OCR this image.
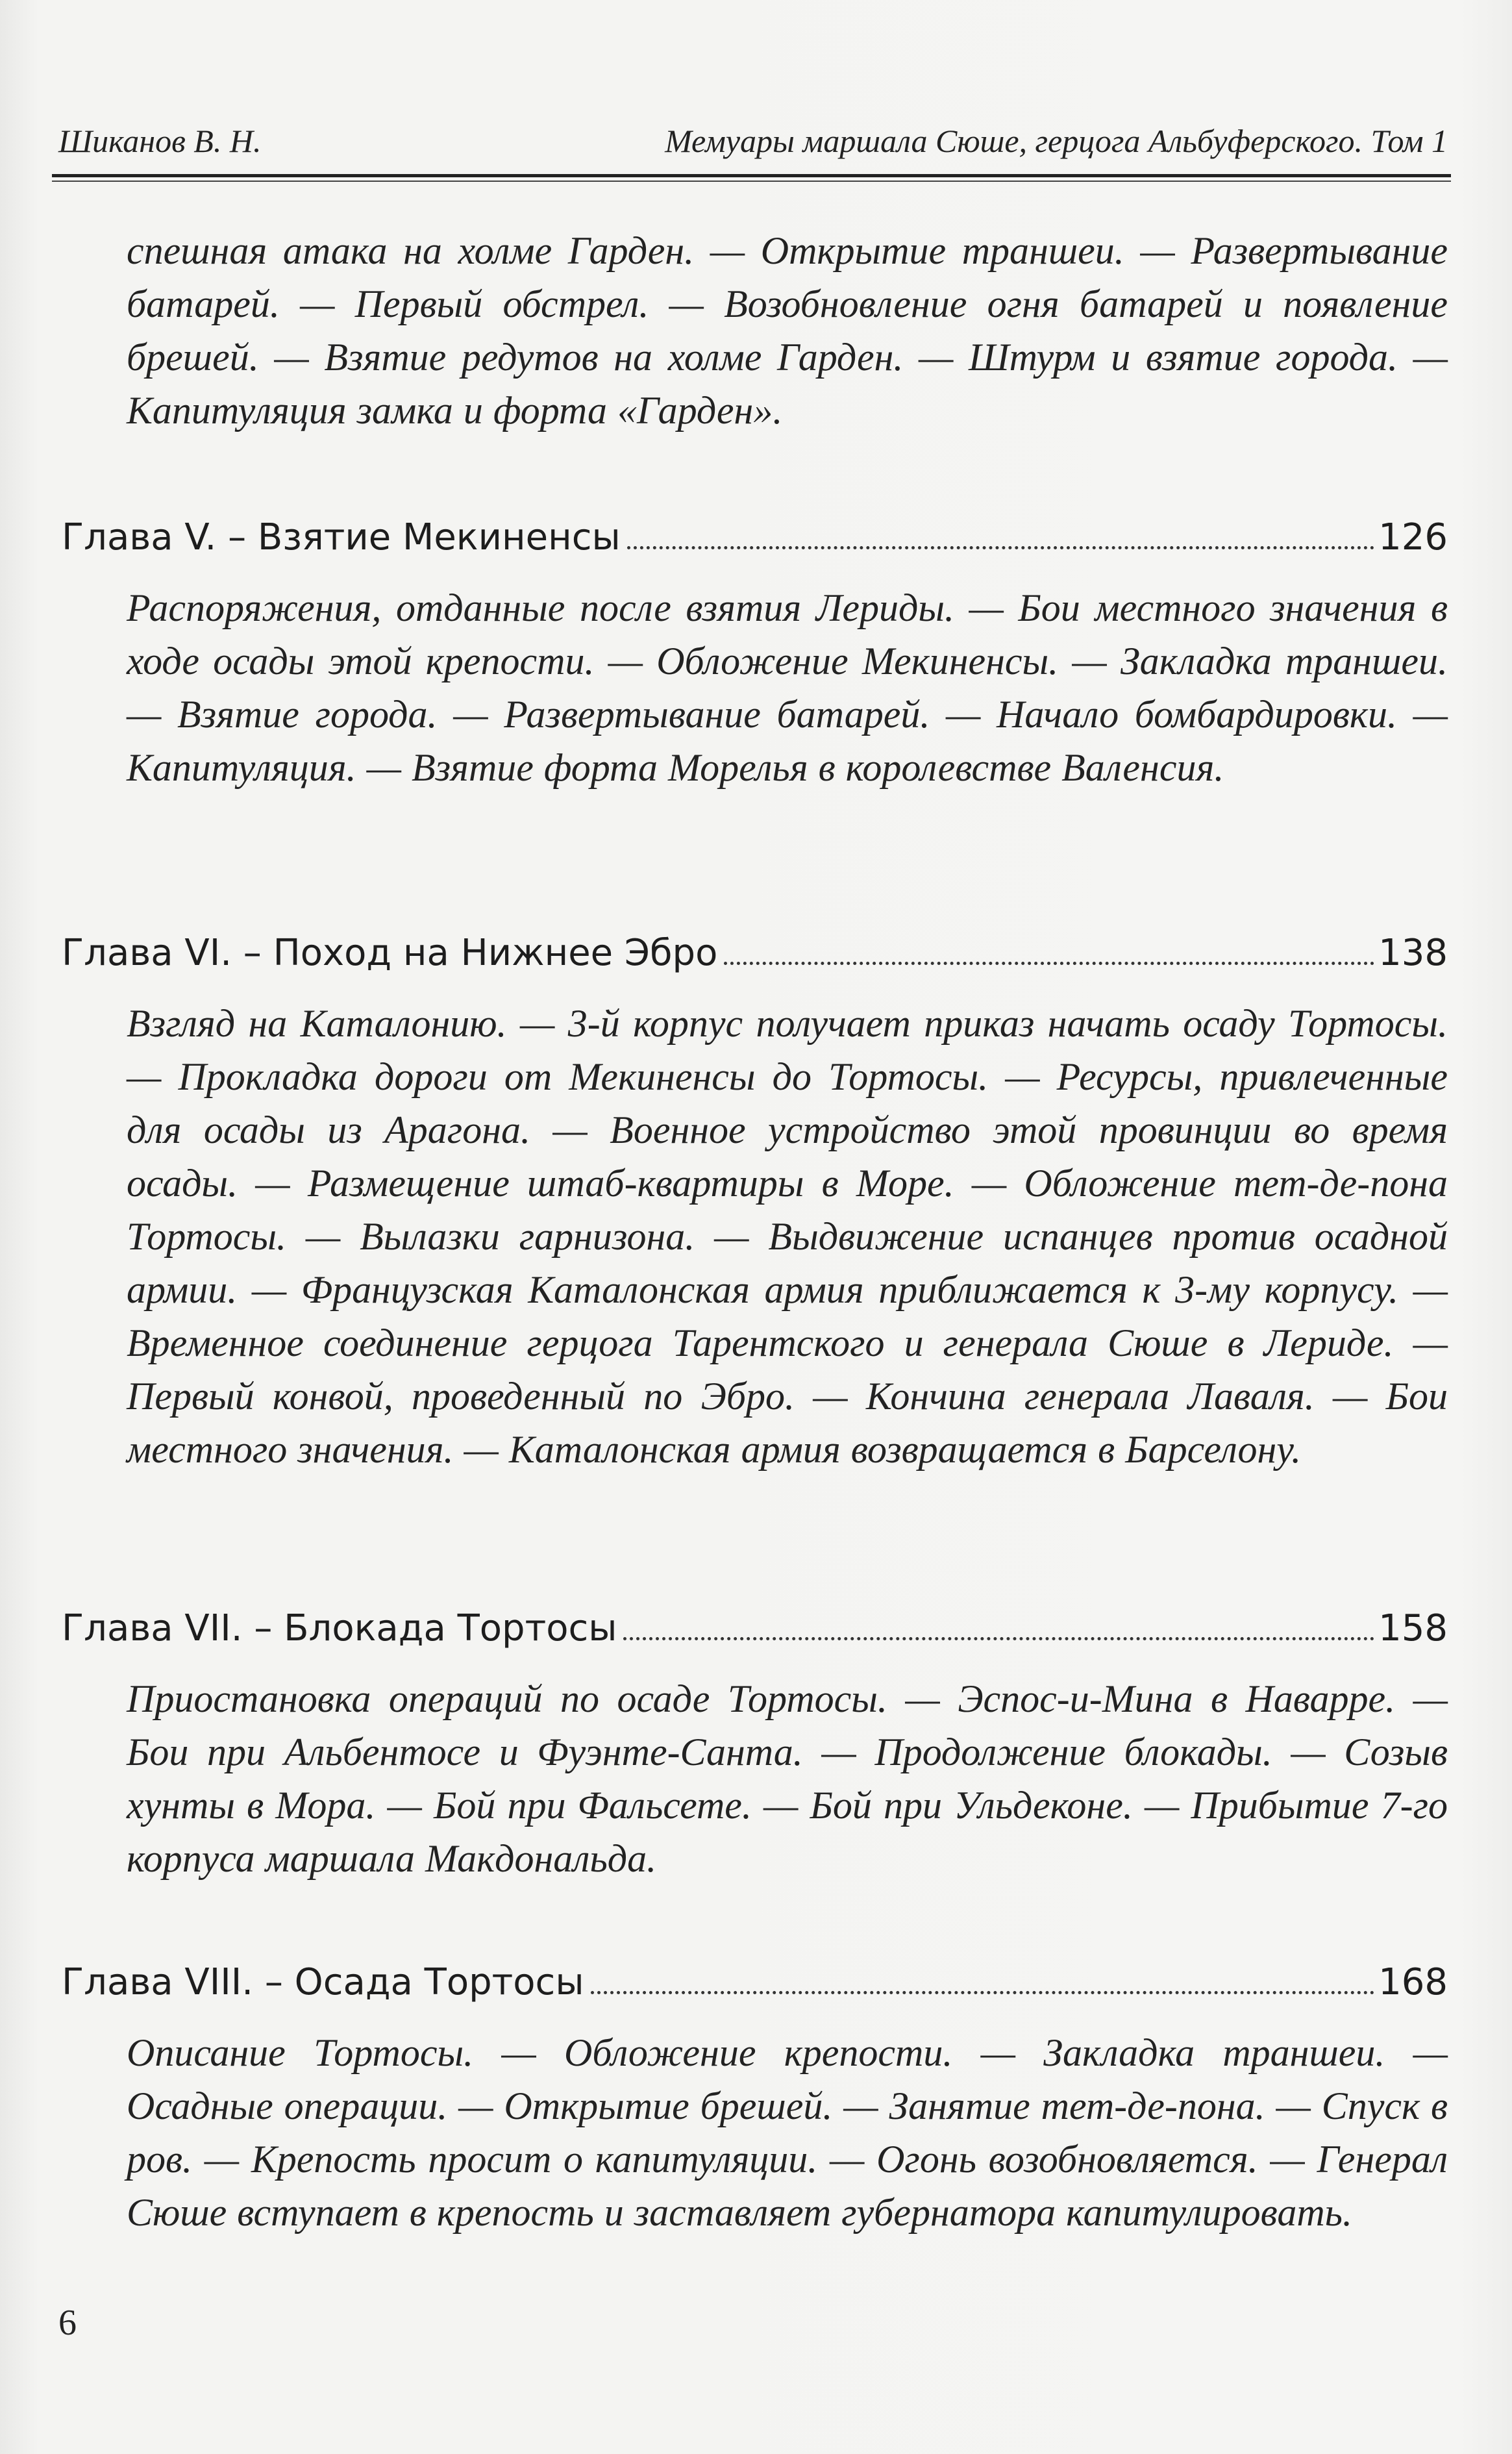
Шиканов В. Н.	Мемуары маршала Сюше, герцога Альбуферского. Том 1
спешная атака на холме Гарден. — Открытие траншеи. — Развертывание батарей. — Первый обстрел. — Возобновление огня батарей и появление брешей. — Взятие редутов на холме Гарден. — Штурм и взятие города. — Капитуляция замка и форта «Гарден».
Глава V. – Взятие Мекиненсы	126
Распоряжения, отданные после взятия Лериды. — Бои местного значения в ходе осады этой крепости. — Обложение Мекиненсы. — Закладка траншеи. — Взятие города. — Развертывание батарей. — Начало бомбардировки. — Капитуляция. — Взятие форта Морелья в королевстве Валенсия.
Глава VI. – Поход на Нижнее Эбро	138
Взгляд на Каталонию. — 3-й корпус получает приказ начать осаду Тортосы. — Прокладка дороги от Мекиненсы до Тортосы. — Ресурсы, привлеченные для осады из Арагона. — Военное устройство этой провинции во время осады. — Размещение штаб-квартиры в Море. — Обложение тет-де-пона Тортосы. — Вылазки гарнизона. — Выдвижение испанцев против осадной армии. — Французская Каталонская армия приближается к 3-му корпусу. — Временное соединение герцога Тарентского и генерала Сюше в Лериде. — Первый конвой, проведенный по Эбро. — Кончина генерала Лаваля. — Бои местного значения. — Каталонская армия возвращается в Барселону.
Глава VII. – Блокада Тортосы	158
Приостановка операций по осаде Тортосы. — Эспос-и-Мина в Наварре. — Бои при Альбентосе и Фуэнте-Санта. — Продолжение блокады. — Созыв хунты в Мора. — Бой при Фальсете. — Бой при Ульдеконе. — Прибытие 7-го корпуса маршала Макдональда.
Глава VIII. – Осада Тортосы	168
Описание Тортосы. — Обложение крепости. — Закладка траншеи. — Осадные операции. — Открытие брешей. — Занятие тет-де-пона. — Спуск в ров. — Крепость просит о капитуляции. — Огонь возобновляется. — Генерал Сюше вступает в крепость и заставляет губернатора капитулировать.
6
